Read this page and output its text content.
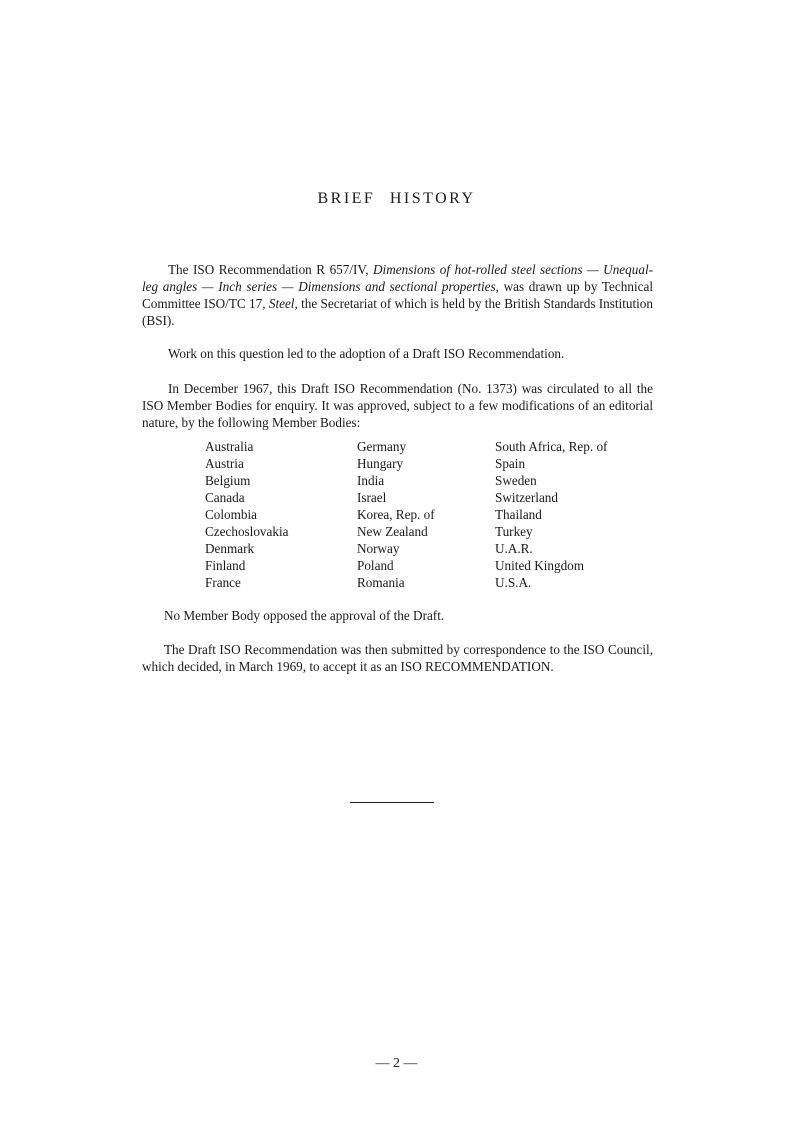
BRIEF HISTORY
The ISO Recommendation R 657/IV, Dimensions of hot-rolled steel sections — Unequal-leg angles — Inch series — Dimensions and sectional properties, was drawn up by Technical Committee ISO/TC 17, Steel, the Secretariat of which is held by the British Standards Institution (BSI).
Work on this question led to the adoption of a Draft ISO Recommendation.
In December 1967, this Draft ISO Recommendation (No. 1373) was circulated to all the ISO Member Bodies for enquiry. It was approved, subject to a few modifications of an editorial nature, by the following Member Bodies:
Australia
Austria
Belgium
Canada
Colombia
Czechoslovakia
Denmark
Finland
France
Germany
Hungary
India
Israel
Korea, Rep. of
New Zealand
Norway
Poland
Romania
South Africa, Rep. of
Spain
Sweden
Switzerland
Thailand
Turkey
U.A.R.
United Kingdom
U.S.A.
No Member Body opposed the approval of the Draft.
The Draft ISO Recommendation was then submitted by correspondence to the ISO Council, which decided, in March 1969, to accept it as an ISO RECOMMENDATION.
— 2 —
